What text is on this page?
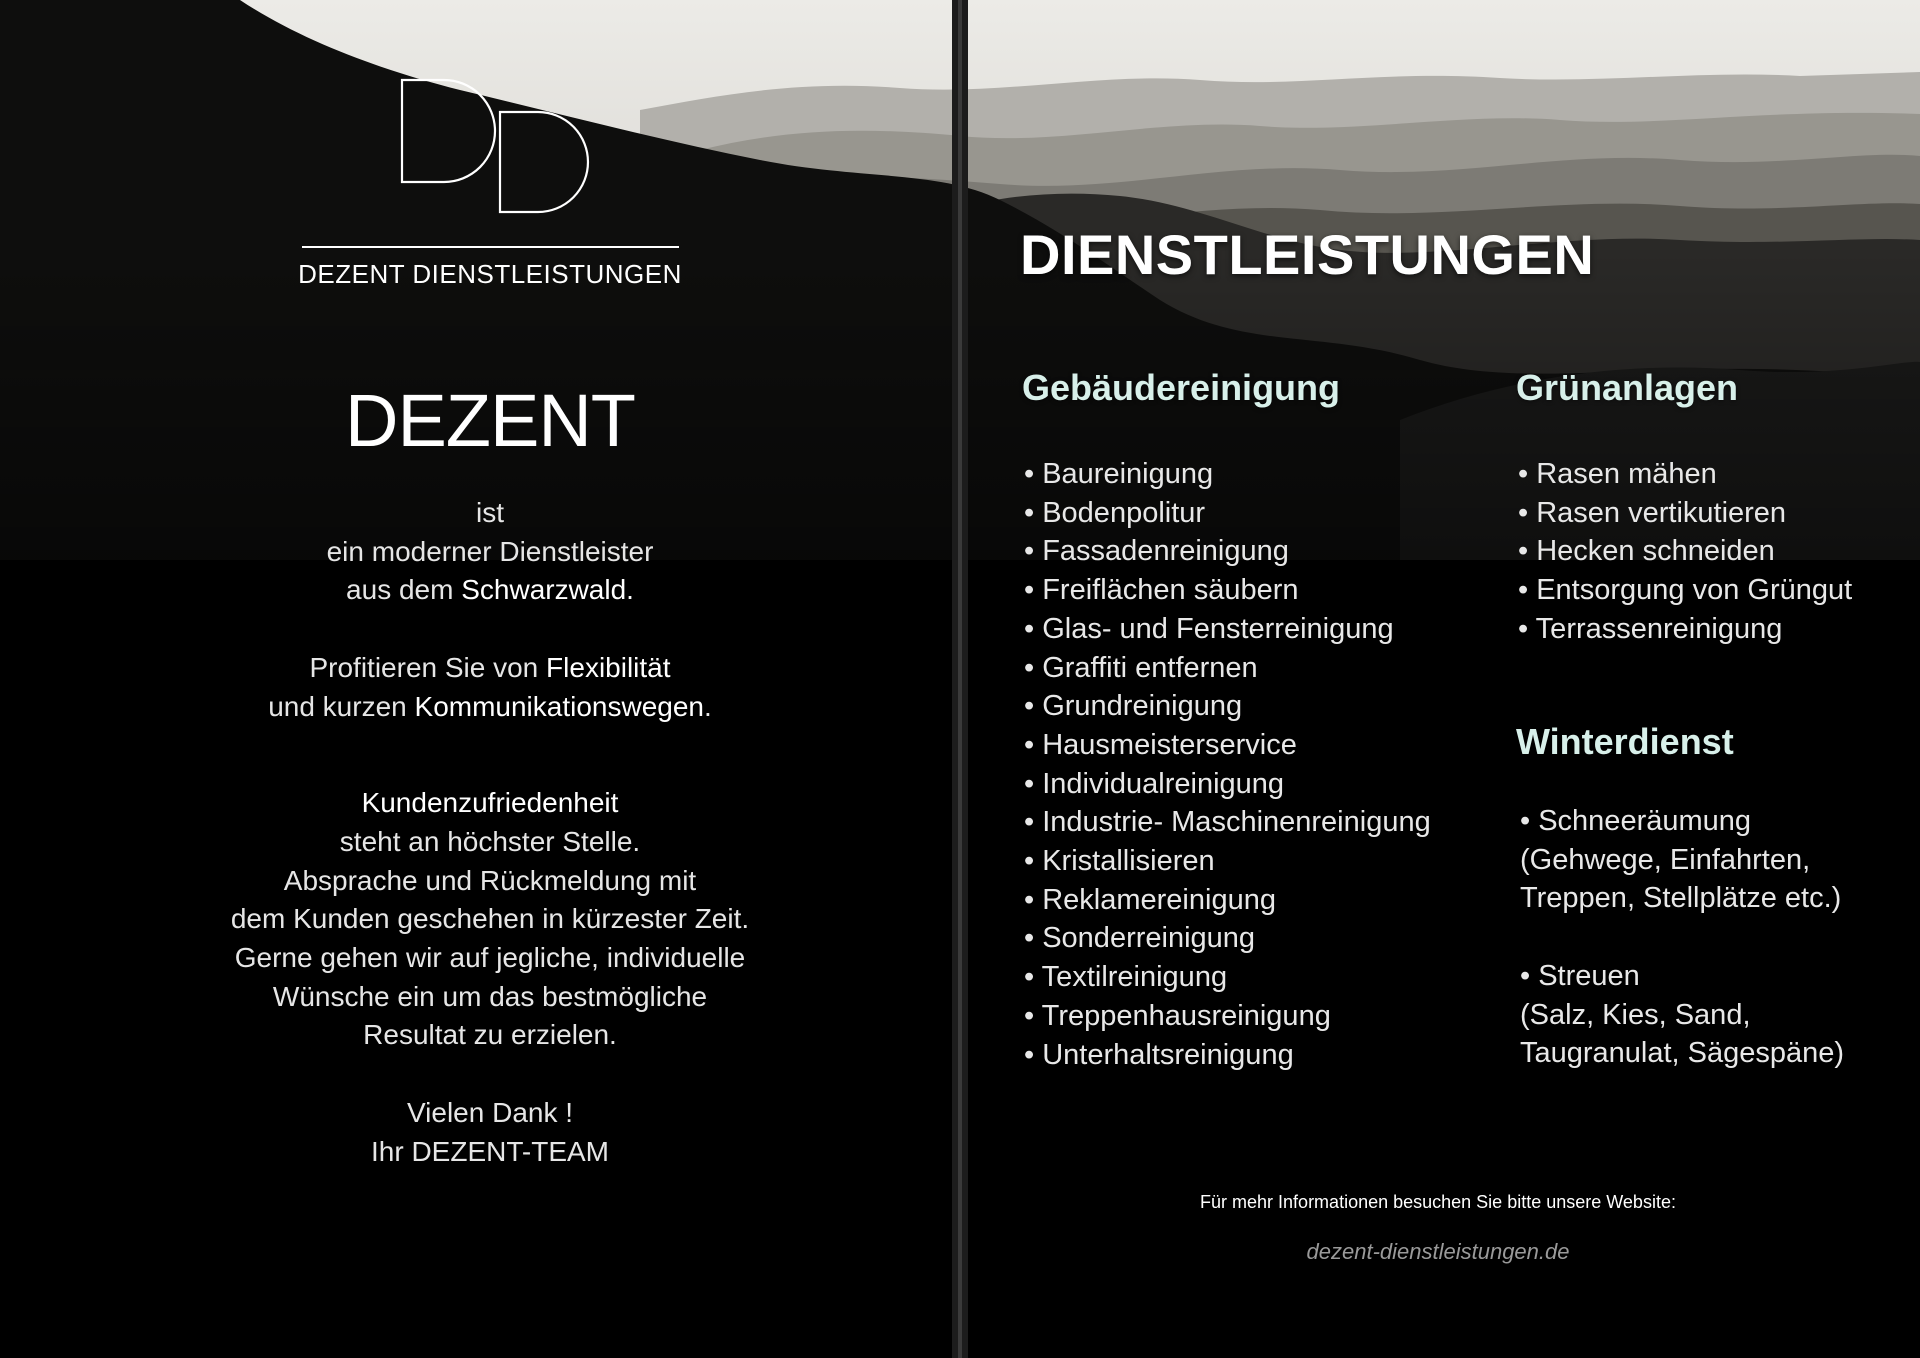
DEZENT DIENSTLEISTUNGEN
DEZENT
ist
ein moderner Dienstleister
aus dem Schwarzwald.
Profitieren Sie von Flexibilität
und kurzen Kommunikationswegen.
Kundenzufriedenheit
steht an höchster Stelle.
Absprache und Rückmeldung mit
dem Kunden geschehen in kürzester Zeit.
Gerne gehen wir auf jegliche, individuelle
Wünsche ein um das bestmögliche
Resultat zu erzielen.
Vielen Dank !
Ihr DEZENT-TEAM
DIENSTLEISTUNGEN
Gebäudereinigung
• Baureinigung
• Bodenpolitur
• Fassadenreinigung
• Freiflächen säubern
• Glas- und Fensterreinigung
• Graffiti entfernen
• Grundreinigung
• Hausmeisterservice
• Individualreinigung
• Industrie- Maschinenreinigung
• Kristallisieren
• Reklamereinigung
• Sonderreinigung
• Textilreinigung
• Treppenhausreinigung
• Unterhaltsreinigung
Grünanlagen
• Rasen mähen
• Rasen vertikutieren
• Hecken schneiden
• Entsorgung von Grüngut
• Terrassenreinigung
Winterdienst
• Schneeräumung
(Gehwege, Einfahrten,
Treppen, Stellplätze etc.)
• Streuen
(Salz, Kies, Sand,
Taugranulat, Sägespäne)
Für mehr Informationen besuchen Sie bitte unsere Website:
dezent-dienstleistungen.de
